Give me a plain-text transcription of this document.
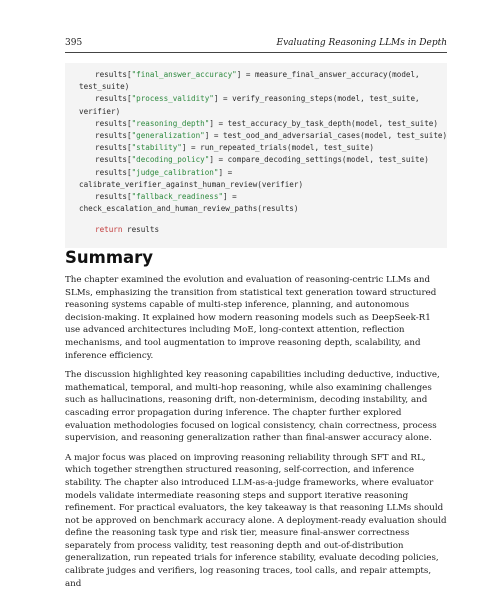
395	Evaluating Reasoning LLMs in Depth
results["final_answer_accuracy"] = measure_final_answer_accuracy(model,
test_suite)
results["process_validity"] = verify_reasoning_steps(model, test_suite,
verifier)
results["reasoning_depth"] = test_accuracy_by_task_depth(model, test_suite)
results["generalization"] = test_ood_and_adversarial_cases(model, test_suite)
results["stability"] = run_repeated_trials(model, test_suite)
results["decoding_policy"] = compare_decoding_settings(model, test_suite)
results["judge_calibration"] =
calibrate_verifier_against_human_review(verifier)
results["fallback_readiness"] =
check_escalation_and_human_review_paths(results)
return results
Summary

The chapter examined the evolution and evaluation of reasoning-centric LLMs and SLMs, emphasizing the transition from statistical text generation toward structured reasoning systems capable of multi-step inference, planning, and autonomous decision-making. It explained how modern reasoning models such as DeepSeek-R1 use advanced architectures including MoE, long-context attention, reflection mechanisms, and tool augmentation to improve reasoning depth, scalability, and inference efficiency.

The discussion highlighted key reasoning capabilities including deductive, inductive, mathematical, temporal, and multi-hop reasoning, while also examining challenges such as hallucinations, reasoning drift, non-determinism, decoding instability, and cascading error propagation during inference. The chapter further explored evaluation methodologies focused on logical consistency, chain correctness, process supervision, and reasoning generalization rather than final-answer accuracy alone.

A major focus was placed on improving reasoning reliability through SFT and RL, which together strengthen structured reasoning, self-correction, and inference stability. The chapter also introduced LLM-as-a-judge frameworks, where evaluator models validate intermediate reasoning steps and support iterative reasoning refinement. For practical evaluators, the key takeaway is that reasoning LLMs should not be approved on benchmark accuracy alone. A deployment-ready evaluation should define the reasoning task type and risk tier, measure final-answer correctness separately from process validity, test reasoning depth and out-of-distribution generalization, run repeated trials for inference stability, evaluate decoding policies, calibrate judges and verifiers, log reasoning traces, tool calls, and repair attempts, and
